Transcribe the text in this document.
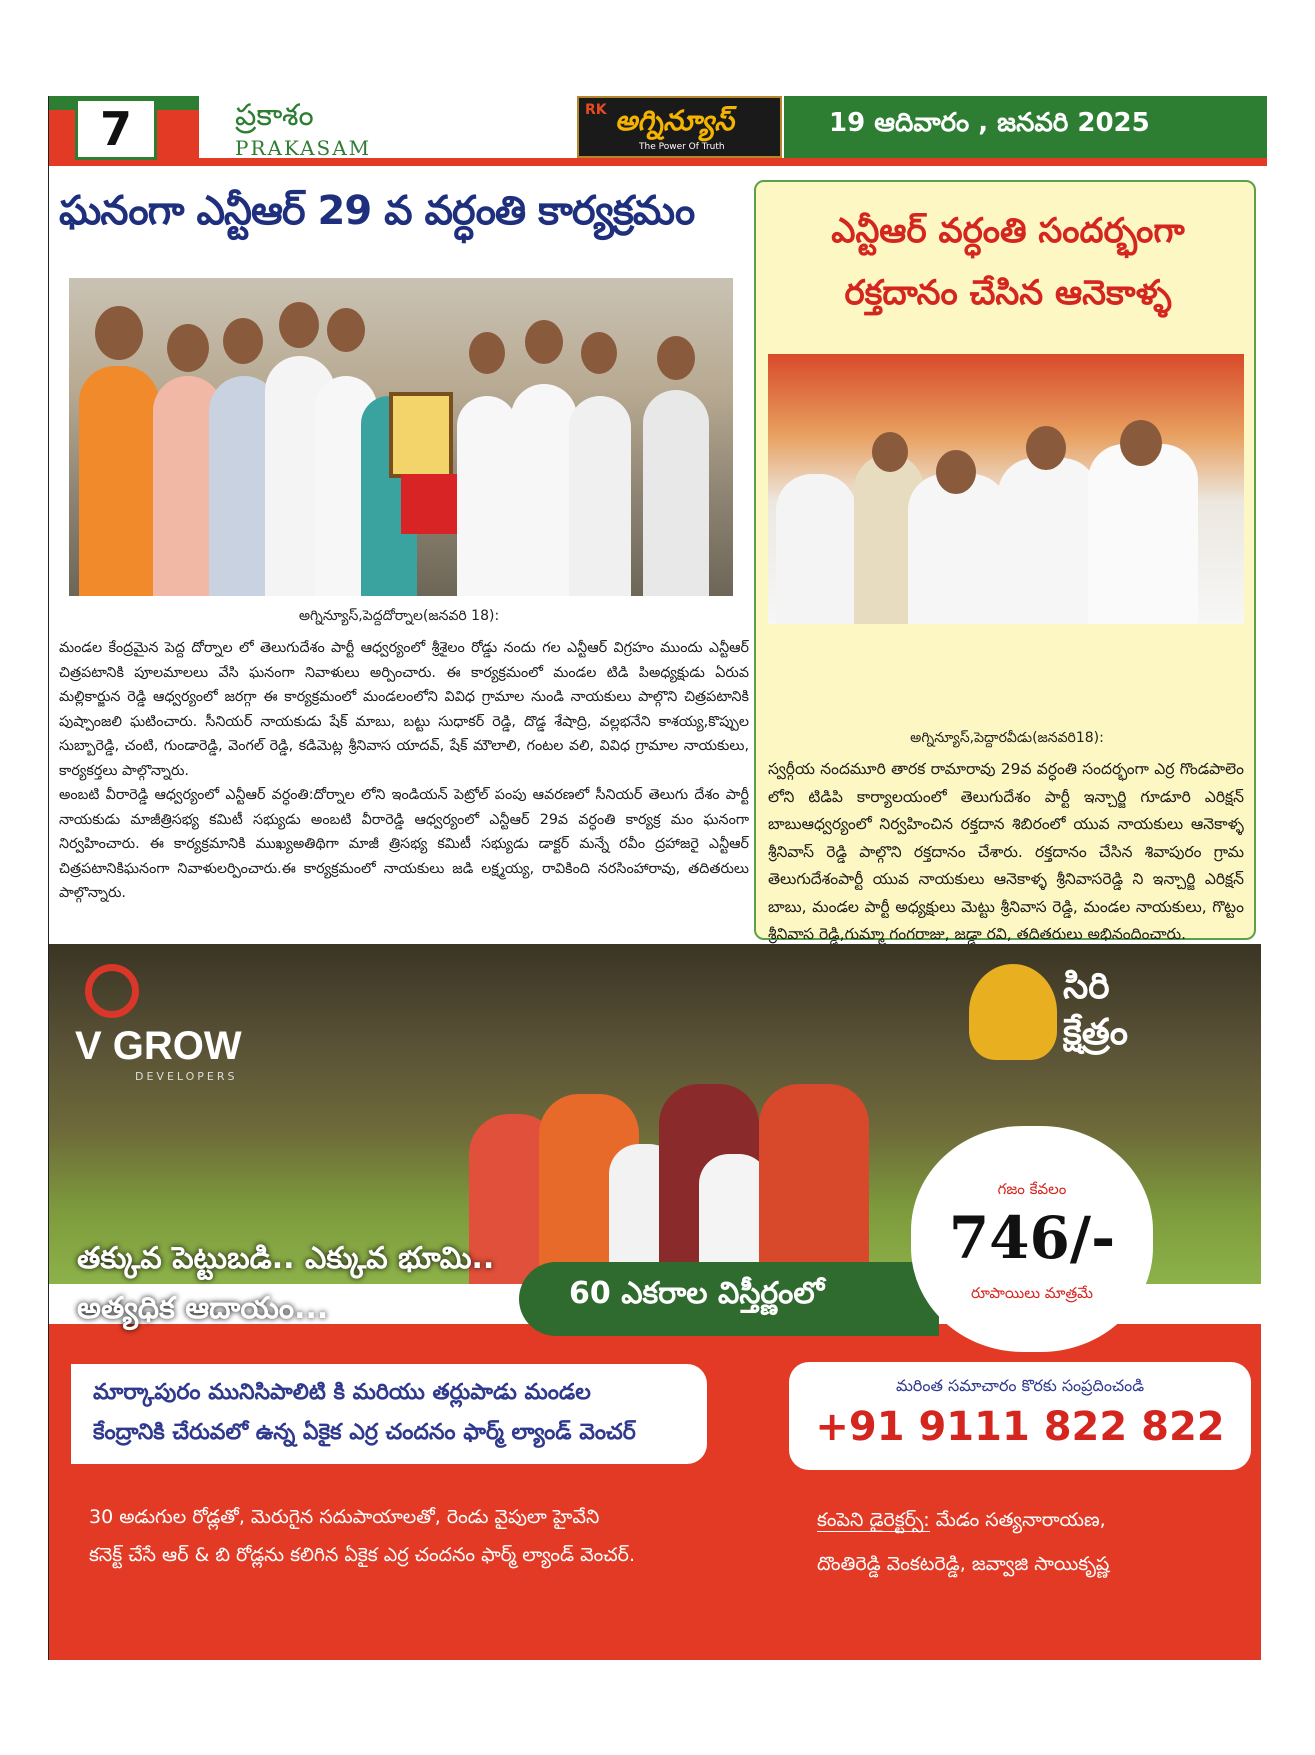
7	ప్రకాశం
PRAKASAM
RK అగ్నిన్యూస్
The Power Of Truth
19 ఆదివారం , జనవరి 2025
ఘనంగా ఎన్టీఆర్ 29 వ వర్ధంతి కార్యక్రమం
అగ్నిన్యూస్,పెద్దదోర్నాల(జనవరి 18):

మండల కేంద్రమైన పెద్ద దోర్నాల లో తెలుగుదేశం పార్టీ ఆధ్వర్యంలో శ్రీశైలం రోడ్డు నందు గల ఎన్టీఆర్ విగ్రహం ముందు ఎన్టీఆర్ చిత్రపటానికి పూలమాలలు వేసి ఘనంగా నివాళులు అర్పించారు. ఈ కార్యక్రమంలో మండల టిడి పిఅధ్యక్షుడు ఏరువ మల్లికార్జున రెడ్డి ఆధ్వర్యంలో జరగ్గా ఈ కార్యక్రమంలో మండలంలోని వివిధ గ్రామాల నుండి నాయకులు పాల్గొని చిత్రపటానికి పుష్పాంజలి ఘటించారు. సీనియర్ నాయకుడు షేక్ మాబు, బట్టు సుధాకర్ రెడ్డి, దొడ్డ శేషాద్రి, వల్లభనేని కాశయ్య,కొప్పుల సుబ్బారెడ్డి, చంటి, గుండారెడ్డి, వెంగల్ రెడ్డి, కడిమెట్ల శ్రీనివాస యాదవ్, షేక్ మౌలాలి, గంటల వలి, వివిధ గ్రామాల నాయకులు, కార్యకర్తలు పాల్గొన్నారు.

అంబటి వీరారెడ్డి ఆధ్వర్యంలో ఎన్టీఆర్ వర్ధంతి:దోర్నాల లోని ఇండియన్ పెట్రోల్ పంపు ఆవరణలో సీనియర్ తెలుగు దేశం పార్టీ నాయకుడు మాజీత్రిసభ్య కమిటీ సభ్యుడు అంబటి వీరారెడ్డి ఆధ్వర్యంలో ఎన్టీఆర్ 29వ వర్ధంతి కార్యక్ర మం ఘనంగా నిర్వహించారు. ఈ కార్యక్రమానికి ముఖ్యఅతిథిగా మాజీ త్రిసభ్య కమిటీ సభ్యుడు డాక్టర్ మన్నే రవీం ద్రహాజరై ఎన్టీఆర్ చిత్రపటానికిఘనంగా నివాళులర్పించారు.ఈ కార్యక్రమంలో నాయకులు జడి లక్ష్మయ్య, రావికింది నరసింహారావు, తదితరులు పాల్గొన్నారు.

ఎన్టీఆర్ వర్ధంతి సందర్భంగా
రక్తదానం చేసిన ఆనెకాళ్ళ
అగ్నిన్యూస్,పెద్దారవీడు(జనవరి18):
స్వర్గీయ నందమూరి తారక రామారావు 29వ వర్ధంతి సందర్భంగా ఎర్ర గొండపాలెం లోని టిడిపి కార్యాలయంలో తెలుగుదేశం పార్టీ ఇన్చార్జి గూడూరి ఎరిక్షన్ బాబుఆధ్వర్యంలో నిర్వహించిన రక్తదాన శిబిరంలో యువ నాయకులు ఆనెకాళ్ళ శ్రీనివాస్ రెడ్డి పాల్గొని రక్తదానం చేశారు. రక్తదానం చేసిన శివాపురం గ్రామ తెలుగుదేశంపార్టీ యువ నాయకులు ఆనెకాళ్ళ శ్రీనివాసరెడ్డి ని ఇన్చార్జి ఎరిక్షన్ బాబు, మండల పార్టీ అధ్యక్షులు మెట్టు శ్రీనివాస రెడ్డి, మండల నాయకులు, గొట్టం శ్రీనివాస రెడ్డి,గుమ్మా గంగరాజు, జడ్డా రవి, తదితరులు అభినందించారు.
V GROW
DEVELOPERS
సిరి
క్షేత్రం
తక్కువ పెట్టుబడి.. ఎక్కువ భూమి..
అత్యధిక ఆదాయం...	60 ఎకరాల విస్తీర్ణంలో
గజం కేవలం
746/-
రూపాయిలు మాత్రమే

మార్కాపురం మునిసిపాలిటి కి మరియు తర్లుపాడు మండల

కేంద్రానికి చేరువలో ఉన్న ఏకైక ఎర్ర చందనం ఫార్మ్ ల్యాండ్ వెంచర్

మరింత సమాచారం కొరకు సంప్రదించండి
+91 9111 822 822
30 అడుగుల రోడ్లతో, మెరుగైన సదుపాయాలతో, రెండు వైపులా హైవేని
కనెక్ట్ చేసే ఆర్ & బి రోడ్లను కలిగిన ఏకైక ఎర్ర చందనం ఫార్మ్ ల్యాండ్ వెంచర్.
కంపెని డైరెక్టర్స్: మేడం సత్యనారాయణ,
దొంతిరెడ్డి వెంకటరెడ్డి, జవ్వాజి సాయికృష్ణ
